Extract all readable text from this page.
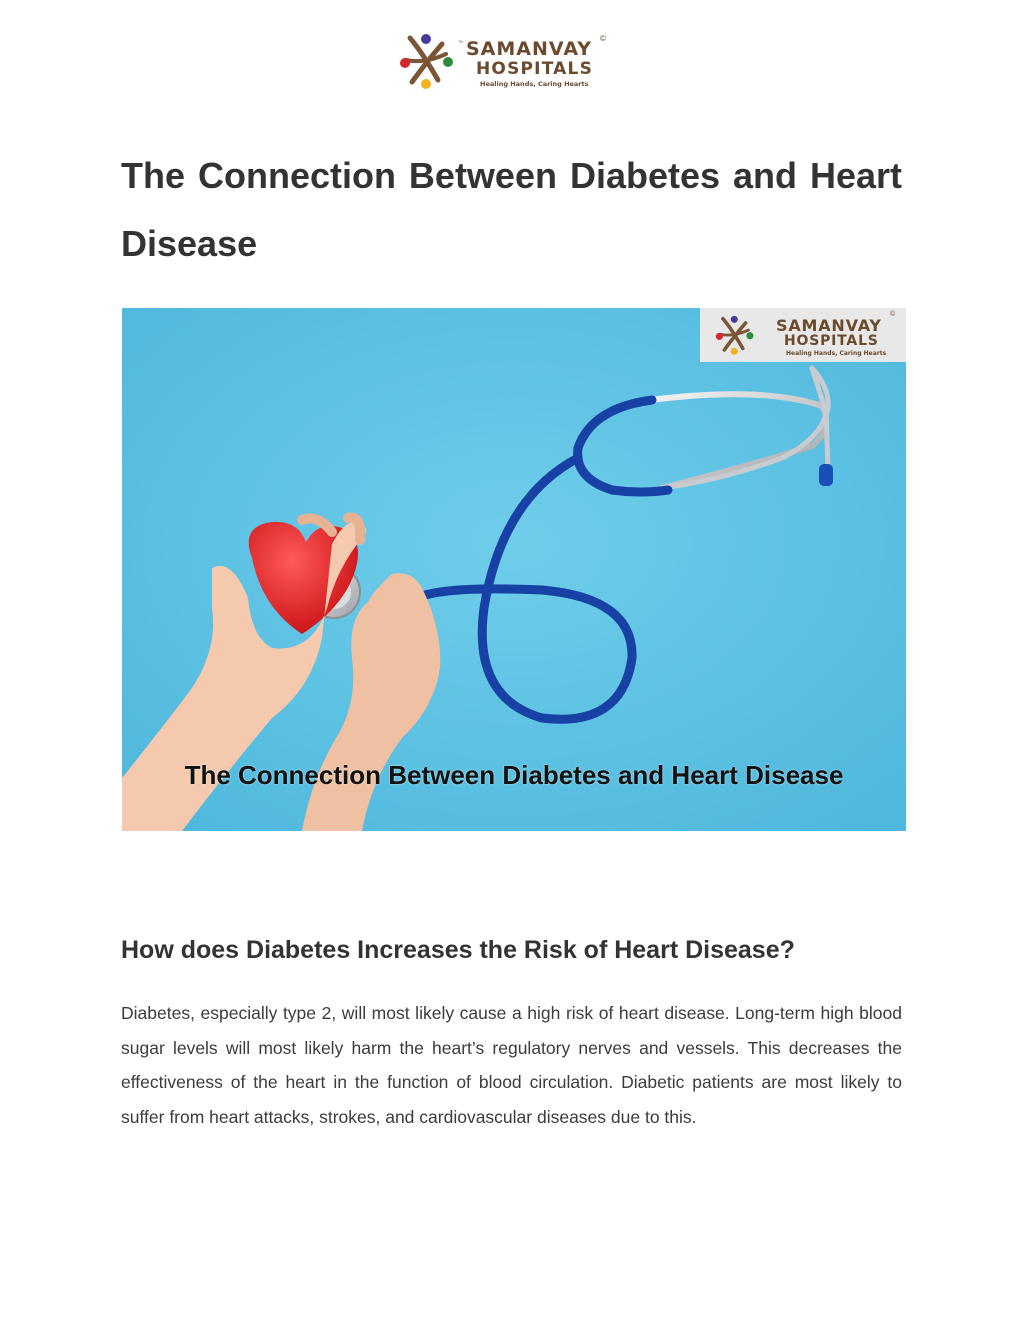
™ SAMANVAY ©
HOSPITALS
Healing Hands, Caring Hearts
The Connection Between Diabetes and Heart Disease
SAMANVAY
©
HOSPITALS
Healing Hands, Caring Hearts
The Connection Between Diabetes and Heart Disease
How does Diabetes Increases the Risk of Heart Disease?

Diabetes, especially type 2, will most likely cause a high risk of heart disease. Long-term high blood sugar levels will most likely harm the heart’s regulatory nerves and vessels. This decreases the effectiveness of the heart in the function of blood circulation. Diabetic patients are most likely to suffer from heart attacks, strokes, and cardiovascular diseases due to this.
